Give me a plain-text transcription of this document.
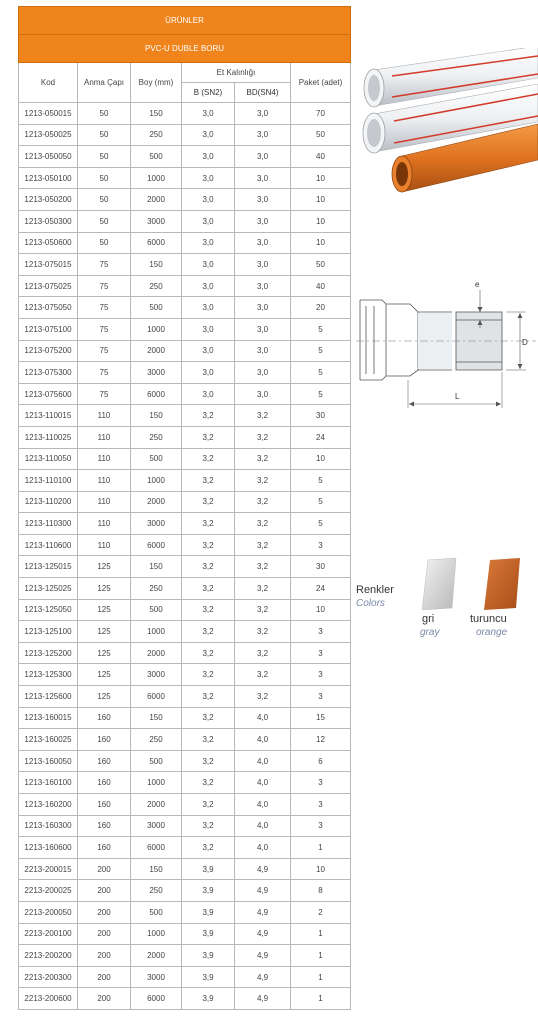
ÜRÜNLER					
PVC-U DUBLE BORU					
Kod	Anma Çapı	Boy (mm)	Et Kalınlığı		Paket (adet)
			B (SN2)	BD(SN4)	
1213-050015	50	150	3,0	3,0	70
1213-050025	50	250	3,0	3,0	50
1213-050050	50	500	3,0	3,0	40
1213-050100	50	1000	3,0	3,0	10
1213-050200	50	2000	3,0	3,0	10
1213-050300	50	3000	3,0	3,0	10
1213-050600	50	6000	3,0	3,0	10
1213-075015	75	150	3,0	3,0	50
1213-075025	75	250	3,0	3,0	40
1213-075050	75	500	3,0	3,0	20
1213-075100	75	1000	3,0	3,0	5
1213-075200	75	2000	3,0	3,0	5
1213-075300	75	3000	3,0	3,0	5
1213-075600	75	6000	3,0	3,0	5
1213-110015	110	150	3,2	3,2	30
1213-110025	110	250	3,2	3,2	24
1213-110050	110	500	3,2	3,2	10
1213-110100	110	1000	3,2	3,2	5
1213-110200	110	2000	3,2	3,2	5
1213-110300	110	3000	3,2	3,2	5
1213-110600	110	6000	3,2	3,2	3
1213-125015	125	150	3,2	3,2	30
1213-125025	125	250	3,2	3,2	24
1213-125050	125	500	3,2	3,2	10
1213-125100	125	1000	3,2	3,2	3
1213-125200	125	2000	3,2	3,2	3
1213-125300	125	3000	3,2	3,2	3
1213-125600	125	6000	3,2	3,2	3
1213-160015	160	150	3,2	4,0	15
1213-160025	160	250	3,2	4,0	12
1213-160050	160	500	3,2	4,0	6
1213-160100	160	1000	3,2	4,0	3
1213-160200	160	2000	3,2	4,0	3
1213-160300	160	3000	3,2	4,0	3
1213-160600	160	6000	3,2	4,0	1
2213-200015	200	150	3,9	4,9	10
2213-200025	200	250	3,9	4,9	8
2213-200050	200	500	3,9	4,9	2
2213-200100	200	1000	3,9	4,9	1
2213-200200	200	2000	3,9	4,9	1
2213-200300	200	3000	3,9	4,9	1
2213-200600	200	6000	3,9	4,9	1
D
e
L
Renkler
Colors
gri
gray
turuncu
orange
